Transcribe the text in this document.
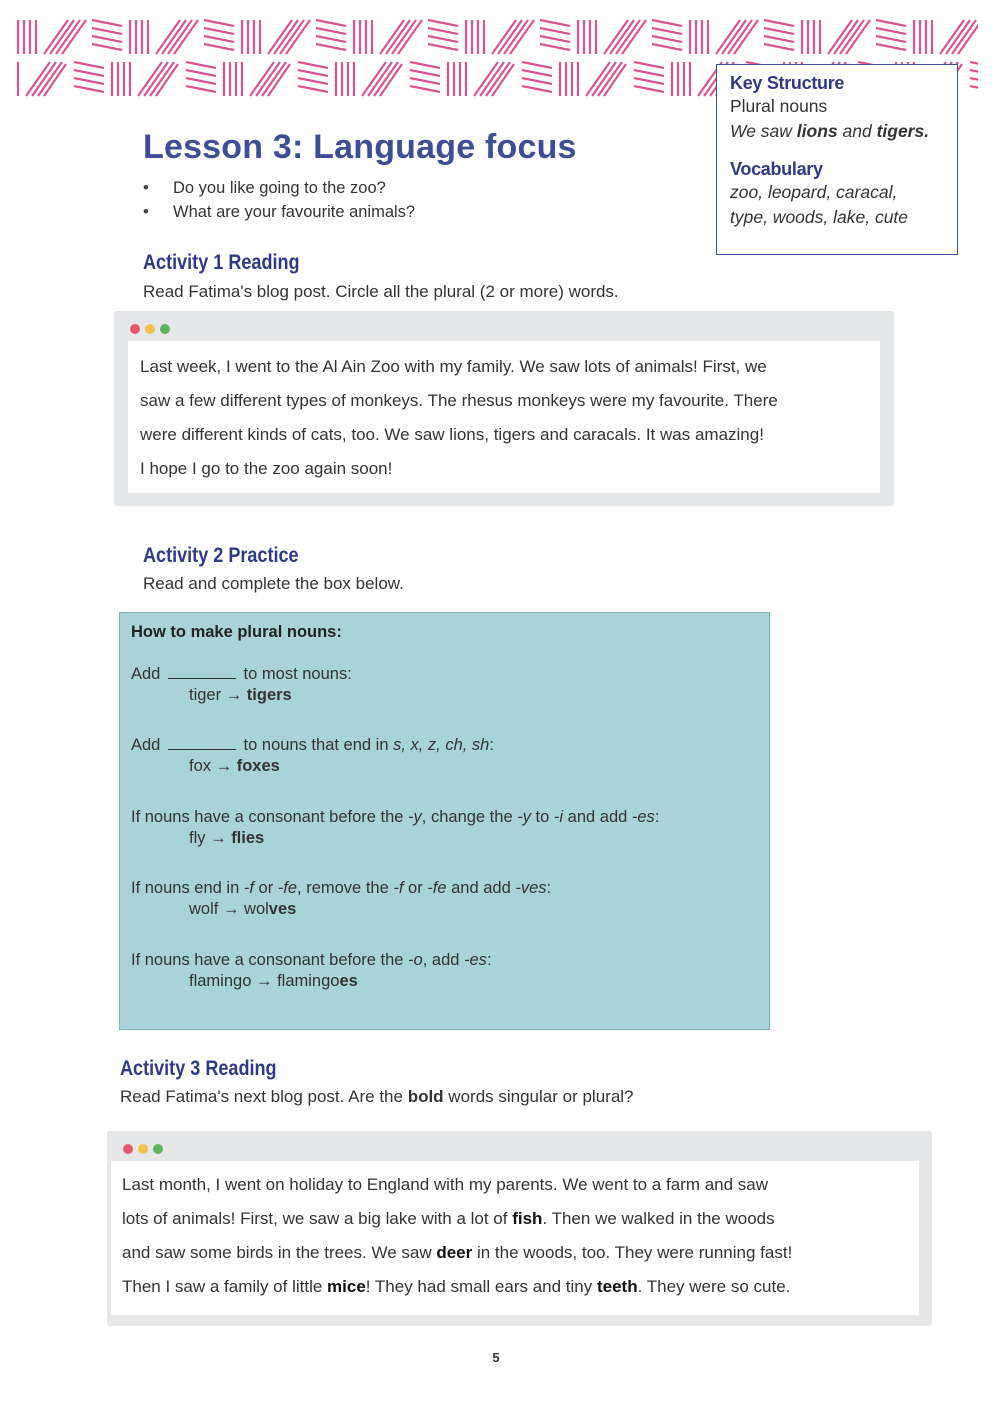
Key Structure
Plural nouns
We saw lions and tigers.
Vocabulary
zoo, leopard, caracal,
type, woods, lake, cute
Lesson 3: Language focus
• Do you like going to the zoo?
• What are your favourite animals?
Activity 1 Reading

Read Fatima's blog post. Circle all the plural (2 or more) words.

Last week, I went to the Al Ain Zoo with my family. We saw lots of animals! First, we
saw a few different types of monkeys. The rhesus monkeys were my favourite. There
were different kinds of cats, too. We saw lions, tigers and caracals. It was amazing!
I hope I go to the zoo again soon!
Activity 2 Practice

Read and complete the box below.

How to make plural nouns:
Add	to most nouns:
tiger → tigers
Add	to nouns that end in s, x, z, ch, sh:
fox → foxes
If nouns have a consonant before the -y, change the -y to -i and add -es:
fly → flies
If nouns end in -f or -fe, remove the -f or -fe and add -ves:
wolf → wolves
If nouns have a consonant before the -o, add -es:
flamingo → flamingoes
Activity 3 Reading

Read Fatima's next blog post. Are the bold words singular or plural?

Last month, I went on holiday to England with my parents. We went to a farm and saw
lots of animals! First, we saw a big lake with a lot of fish. Then we walked in the woods
and saw some birds in the trees. We saw deer in the woods, too. They were running fast!
Then I saw a family of little mice! They had small ears and tiny teeth. They were so cute.
5
